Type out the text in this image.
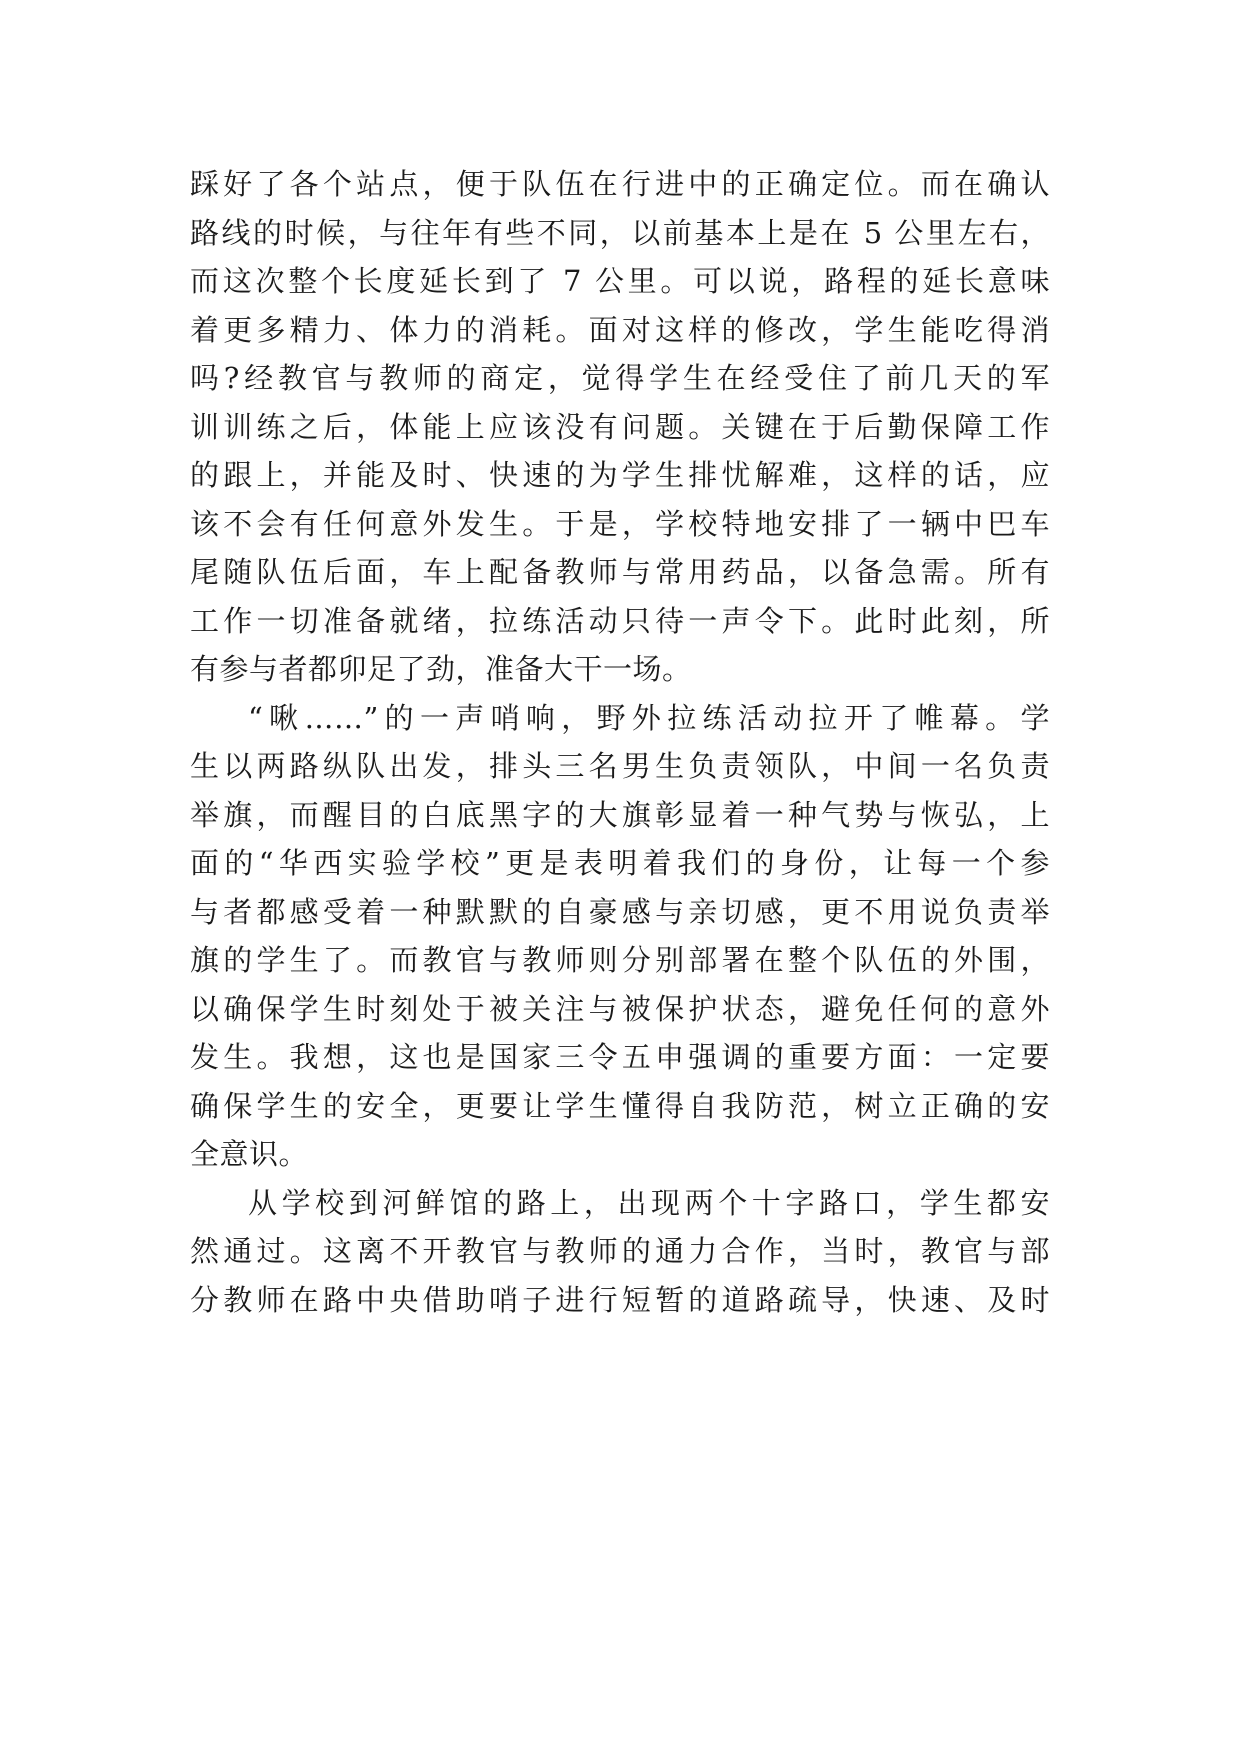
踩好了各个站点，便于队伍在行进中的正确定位。而在确认
路线的时候，与往年有些不同，以前基本上是在 5 公里左右，
而这次整个长度延长到了 7 公里。可以说，路程的延长意味
着更多精力、体力的消耗。面对这样的修改，学生能吃得消
吗?经教官与教师的商定，觉得学生在经受住了前几天的军
训训练之后，体能上应该没有问题。关键在于后勤保障工作
的跟上，并能及时、快速的为学生排忧解难，这样的话，应
该不会有任何意外发生。于是，学校特地安排了一辆中巴车
尾随队伍后面，车上配备教师与常用药品，以备急需。所有
工作一切准备就绪，拉练活动只待一声令下。此时此刻，所
有参与者都卯足了劲，准备大干一场。
“啾……”的一声哨响，野外拉练活动拉开了帷幕。学
生以两路纵队出发，排头三名男生负责领队，中间一名负责
举旗，而醒目的白底黑字的大旗彰显着一种气势与恢弘，上
面的“华西实验学校”更是表明着我们的身份，让每一个参
与者都感受着一种默默的自豪感与亲切感，更不用说负责举
旗的学生了。而教官与教师则分别部署在整个队伍的外围，
以确保学生时刻处于被关注与被保护状态，避免任何的意外
发生。我想，这也是国家三令五申强调的重要方面：一定要
确保学生的安全，更要让学生懂得自我防范，树立正确的安
全意识。
从学校到河鲜馆的路上，出现两个十字路口，学生都安
然通过。这离不开教官与教师的通力合作，当时，教官与部
分教师在路中央借助哨子进行短暂的道路疏导，快速、及时
